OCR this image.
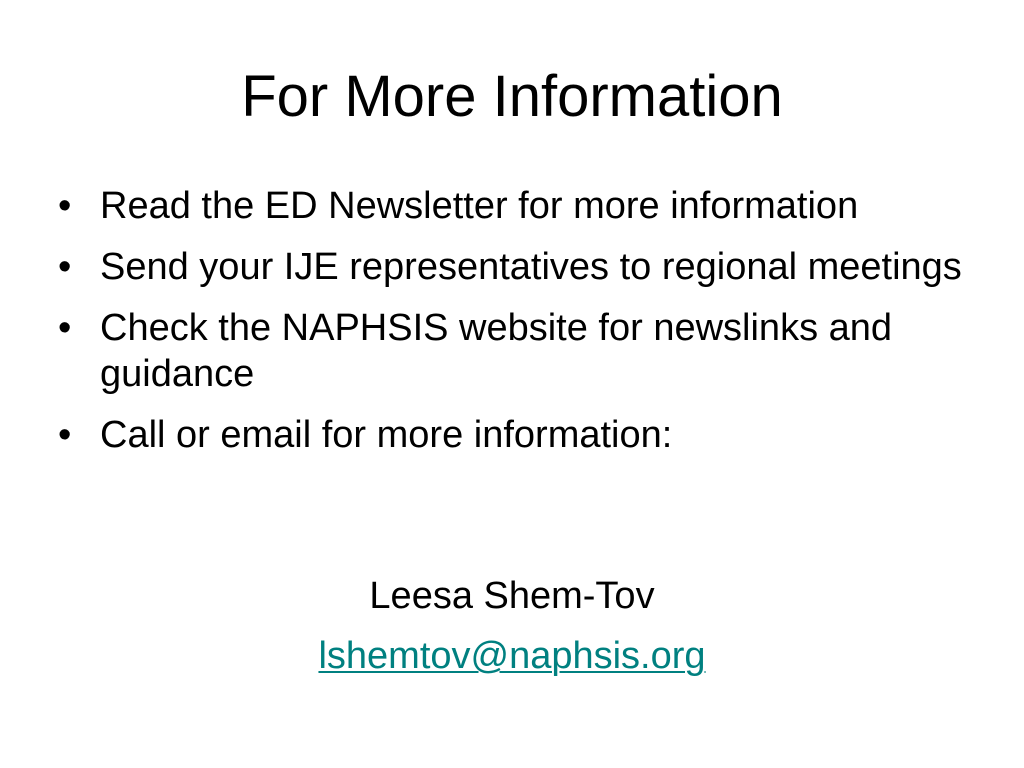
For More Information
• Read the ED Newsletter for more information
• Send your IJE representatives to regional meetings
• Check the NAPHSIS website for newslinks and guidance
• Call or email for more information:
Leesa Shem-Tov
lshemtov@naphsis.org
